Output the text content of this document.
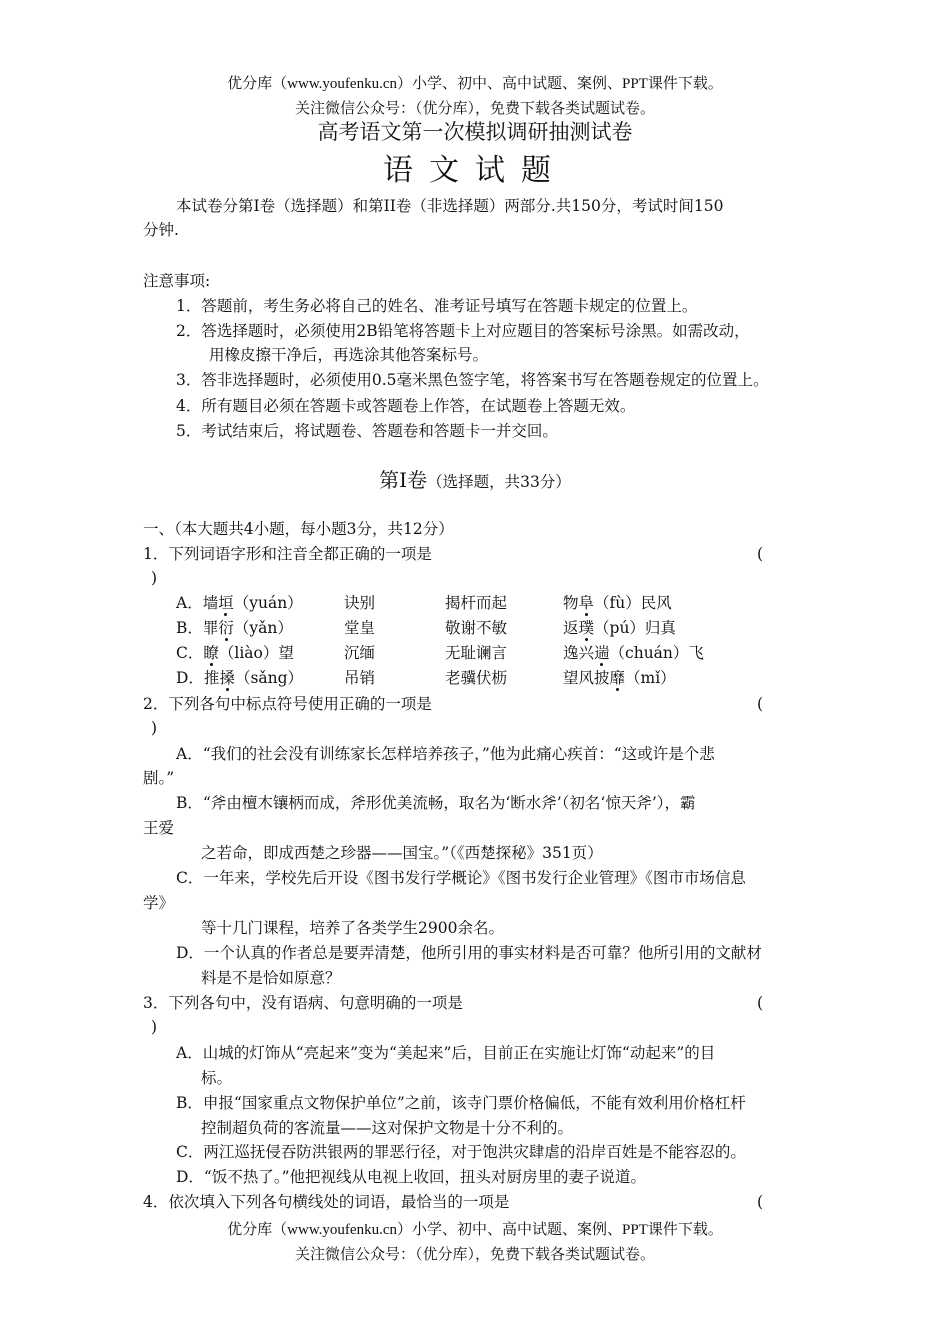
优分库（www.youfenku.cn）小学、初中、高中试题、案例、PPT课件下载。
关注微信公众号：（优分库），免费下载各类试题试卷。
高考语文第一次模拟调研抽测试卷
语文试题
本试卷分第Ⅰ卷（选择题）和第II卷（非选择题）两部分.共150分，考试时间150
分钟.
注意事项:
1．答题前，考生务必将自己的姓名、准考证号填写在答题卡规定的位置上。
2．答选择题时，必须使用2B铅笔将答题卡上对应题目的答案标号涂黑。如需改动，
用橡皮擦干净后，再选涂其他答案标号。
3．答非选择题时，必须使用0.5毫米黑色签字笔，将答案书写在答题卷规定的位置上。
4．所有题目必须在答题卡或答题卷上作答，在试题卷上答题无效。
5．考试结束后，将试题卷、答题卷和答题卡一并交回。
第Ⅰ卷（选择题，共33分）
一、（本大题共4小题，每小题3分，共12分）
1．下列词语字形和注音全都正确的一项是	(
)
A．墙垣（yuán）	诀别	揭杆而起	物阜（fù）民风
B．罪衍（yǎn）	堂皇	敬谢不敏	返璞（pú）归真
C．瞭（liào）望	沉缅	无耻谰言	逸兴遄（chuán）飞
D．推搡（sǎng）	吊销	老骥伏枥	望风披靡（mǐ）
2．下列各句中标点符号使用正确的一项是	(
)
A．“我们的社会没有训练家长怎样培养孩子，”他为此痛心疾首：“这或许是个悲
剧。”
B．“斧由檀木镶柄而成，斧形优美流畅，取名为‘断水斧’（初名‘惊天斧’），霸
王爱
之若命，即成西楚之珍器——国宝。”（《西楚探秘》351页）
C．一年来，学校先后开设《图书发行学概论》《图书发行企业管理》《图市市场信息
学》
等十几门课程，培养了各类学生2900余名。
D．一个认真的作者总是要弄清楚，他所引用的事实材料是否可靠？他所引用的文献材
料是不是恰如原意？
3．下列各句中，没有语病、句意明确的一项是	(
)
A．山城的灯饰从“亮起来”变为“美起来”后，目前正在实施让灯饰“动起来”的目
标。
B．申报“国家重点文物保护单位”之前，该寺门票价格偏低，不能有效利用价格杠杆
控制超负荷的客流量——这对保护文物是十分不利的。
C．两江巡抚侵吞防洪银两的罪恶行径，对于饱洪灾肆虐的沿岸百姓是不能容忍的。
D．“饭不热了。”他把视线从电视上收回，扭头对厨房里的妻子说道。
4．依次填入下列各句横线处的词语，最恰当的一项是	(
优分库（www.youfenku.cn）小学、初中、高中试题、案例、PPT课件下载。
关注微信公众号：（优分库），免费下载各类试题试卷。
